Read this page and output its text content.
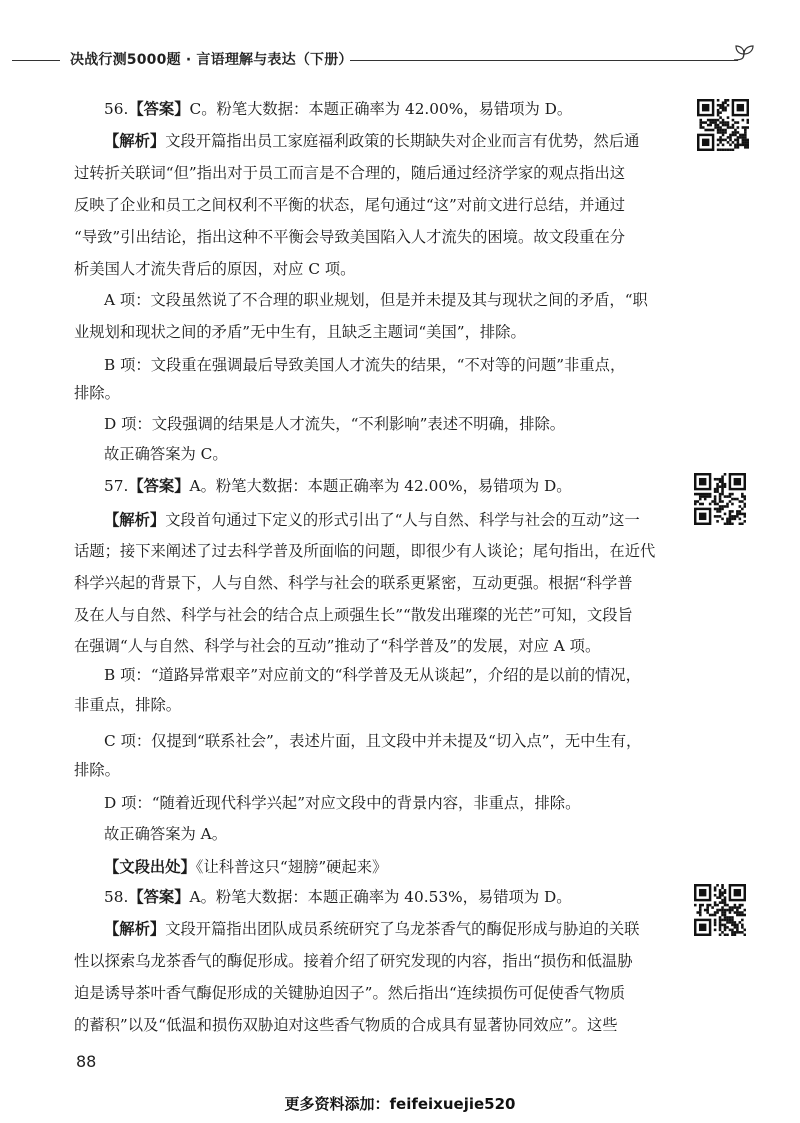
决战行测5000题 · 言语理解与表达（下册）
56.【答案】C。粉笔大数据：本题正确率为 42.00%，易错项为 D。
【解析】文段开篇指出员工家庭福利政策的长期缺失对企业而言有优势，然后通
过转折关联词“但”指出对于员工而言是不合理的，随后通过经济学家的观点指出这
反映了企业和员工之间权利不平衡的状态，尾句通过“这”对前文进行总结，并通过
“导致”引出结论，指出这种不平衡会导致美国陷入人才流失的困境。故文段重在分
析美国人才流失背后的原因，对应 C 项。
A 项：文段虽然说了不合理的职业规划，但是并未提及其与现状之间的矛盾，“职
业规划和现状之间的矛盾”无中生有，且缺乏主题词“美国”，排除。
B 项：文段重在强调最后导致美国人才流失的结果，“不对等的问题”非重点，
排除。
D 项：文段强调的结果是人才流失，“不利影响”表述不明确，排除。
故正确答案为 C。
57.【答案】A。粉笔大数据：本题正确率为 42.00%，易错项为 D。
【解析】文段首句通过下定义的形式引出了“人与自然、科学与社会的互动”这一
话题；接下来阐述了过去科学普及所面临的问题，即很少有人谈论；尾句指出，在近代
科学兴起的背景下，人与自然、科学与社会的联系更紧密，互动更强。根据“科学普
及在人与自然、科学与社会的结合点上顽强生长”“散发出璀璨的光芒”可知，文段旨
在强调“人与自然、科学与社会的互动”推动了“科学普及”的发展，对应 A 项。
B 项：“道路异常艰辛”对应前文的“科学普及无从谈起”，介绍的是以前的情况，
非重点，排除。
C 项：仅提到“联系社会”，表述片面，且文段中并未提及“切入点”，无中生有，
排除。
D 项：“随着近现代科学兴起”对应文段中的背景内容，非重点，排除。
故正确答案为 A。
【文段出处】《让科普这只“翅膀”硬起来》
58.【答案】A。粉笔大数据：本题正确率为 40.53%，易错项为 D。
【解析】文段开篇指出团队成员系统研究了乌龙茶香气的酶促形成与胁迫的关联
性以探索乌龙茶香气的酶促形成。接着介绍了研究发现的内容，指出“损伤和低温胁
迫是诱导茶叶香气酶促形成的关键胁迫因子”。然后指出“连续损伤可促使香气物质
的蓄积”以及“低温和损伤双胁迫对这些香气物质的合成具有显著协同效应”。这些
88
更多资料添加：feifeixuejie520
